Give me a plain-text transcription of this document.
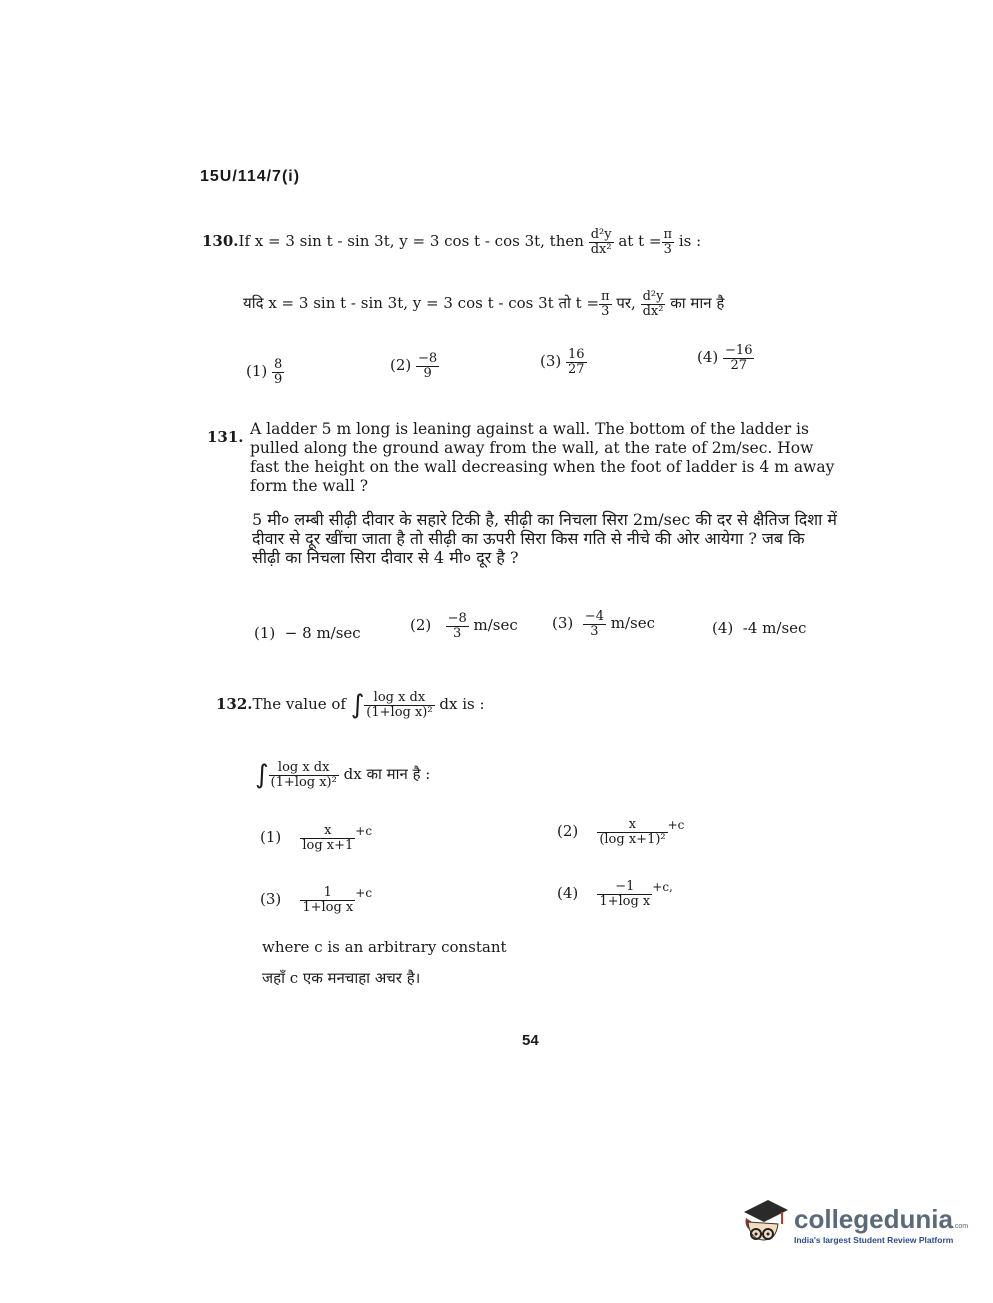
15U/114/7(i)
130.If x = 3 sin t - sin 3t, y = 3 cos t - cos 3t, then $\frac{\text{d²y}}{\text{dx²}}$ at $t = \frac{\pi}{3}$ is :
यदि x = 3 sin t - sin 3t, y = 3 cos t - cos 3t तो $t = \frac{\pi}{3}$ पर, $\frac{\text{d²y}}{\text{dx²}}$ का मान है
$(1) \frac{8}{9}$	$(2) \frac{-8}{9}$	$(3) \frac{16}{27}$	$(4) \frac{-16}{27}$
131. A ladder 5 m long is leaning against a wall. The bottom of the ladder is pulled along the ground away from the wall, at the rate of 2m/sec. How fast the height on the wall decreasing when the foot of ladder is 4 m away form the wall ?
5 मी० लम्बी सीढ़ी दीवार के सहारे टिकी है, सीढ़ी का निचला सिरा 2m/sec की दर से क्षैतिज दिशा में दीवार से दूर खींचा जाता है तो सीढ़ी का ऊपरी सिरा किस गति से नीचे की ओर आयेगा ? जब कि सीढ़ी का निचला सिरा दीवार से 4 मी० दूर है ?
(1) − 8 m/sec	$(2) \frac{-8}{3} m/\sec$ $(3) \frac{-4}{3} m/\sec$	(4) -4 m/sec
132.The value of ∫ $\frac{\text{log x dx}}{\text{(1+log x)²}}$ dx is :
∫ $\frac{\text{log x dx}}{\text{(1+log x)²}}$ dx का मान है :
$(1) \frac{x}{\text{log x+1}} ^{+c}$	$(2) \frac{x}{\text{(log x+1)²}} ^{+c}$
$(3) \frac{1}{\text{1+log x}} ^{+c}$	$(4) \frac{-1}{\text{1+log x}} ^{+c,}$
where c is an arbitrary constant
जहाँ c एक मनचाहा अचर है।
54
collegedunia.com
India's largest Student Review Platform
